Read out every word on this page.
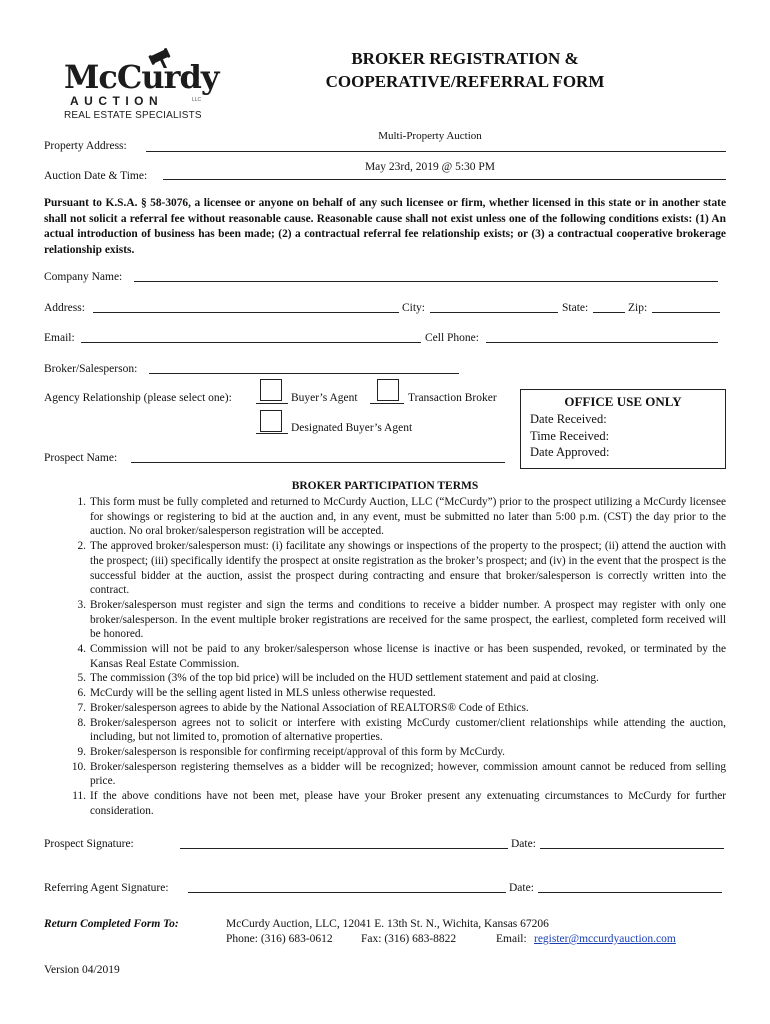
McCurdy
AUCTION	LLC
REAL ESTATE SPECIALISTS
BROKER REGISTRATION &
COOPERATIVE/REFERRAL FORM
Property Address:
Multi-Property Auction
Auction Date & Time:
May 23rd, 2019 @ 5:30 PM
Pursuant to K.S.A. § 58-3076, a licensee or anyone on behalf of any such licensee or firm, whether licensed in this state or in another state shall not solicit a referral fee without reasonable cause. Reasonable cause shall not exist unless one of the following conditions exists: (1) An actual introduction of business has been made; (2) a contractual referral fee relationship exists; or (3) a contractual cooperative brokerage relationship exists.
Company Name:
Address:	City:	State:	Zip:
Email:	Cell Phone:
Broker/Salesperson:
Agency Relationship (please select one):	Buyer’s Agent	Transaction Broker
Designated Buyer’s Agent
Prospect Name:
OFFICE USE ONLY
Date Received:
Time Received:
Date Approved:
BROKER PARTICIPATION TERMS
1. This form must be fully completed and returned to McCurdy Auction, LLC (“McCurdy”) prior to the prospect utilizing a McCurdy licensee for showings or registering to bid at the auction and, in any event, must be submitted no later than 5:00 p.m. (CST) the day prior to the auction. No oral broker/salesperson registration will be accepted.
2. The approved broker/salesperson must: (i) facilitate any showings or inspections of the property to the prospect; (ii) attend the auction with the prospect; (iii) specifically identify the prospect at onsite registration as the broker’s prospect; and (iv) in the event that the prospect is the successful bidder at the auction, assist the prospect during contracting and ensure that broker/salesperson is correctly written into the contract.
3. Broker/salesperson must register and sign the terms and conditions to receive a bidder number. A prospect may register with only one broker/salesperson. In the event multiple broker registrations are received for the same prospect, the earliest, completed form received will be honored.
4. Commission will not be paid to any broker/salesperson whose license is inactive or has been suspended, revoked, or terminated by the Kansas Real Estate Commission.
5. The commission (3% of the top bid price) will be included on the HUD settlement statement and paid at closing.
6. McCurdy will be the selling agent listed in MLS unless otherwise requested.
7. Broker/salesperson agrees to abide by the National Association of REALTORS® Code of Ethics.
8. Broker/salesperson agrees not to solicit or interfere with existing McCurdy customer/client relationships while attending the auction, including, but not limited to, promotion of alternative properties.
9. Broker/salesperson is responsible for confirming receipt/approval of this form by McCurdy.
10. Broker/salesperson registering themselves as a bidder will be recognized; however, commission amount cannot be reduced from selling price.
11. If the above conditions have not been met, please have your Broker present any extenuating circumstances to McCurdy for further consideration.
Prospect Signature:	Date:
Referring Agent Signature:	Date:
Return Completed Form To:	McCurdy Auction, LLC, 12041 E. 13th St. N., Wichita, Kansas 67206
Phone: (316) 683-0612 Fax: (316) 683-8822	Email: register@mccurdyauction.com
Version 04/2019
